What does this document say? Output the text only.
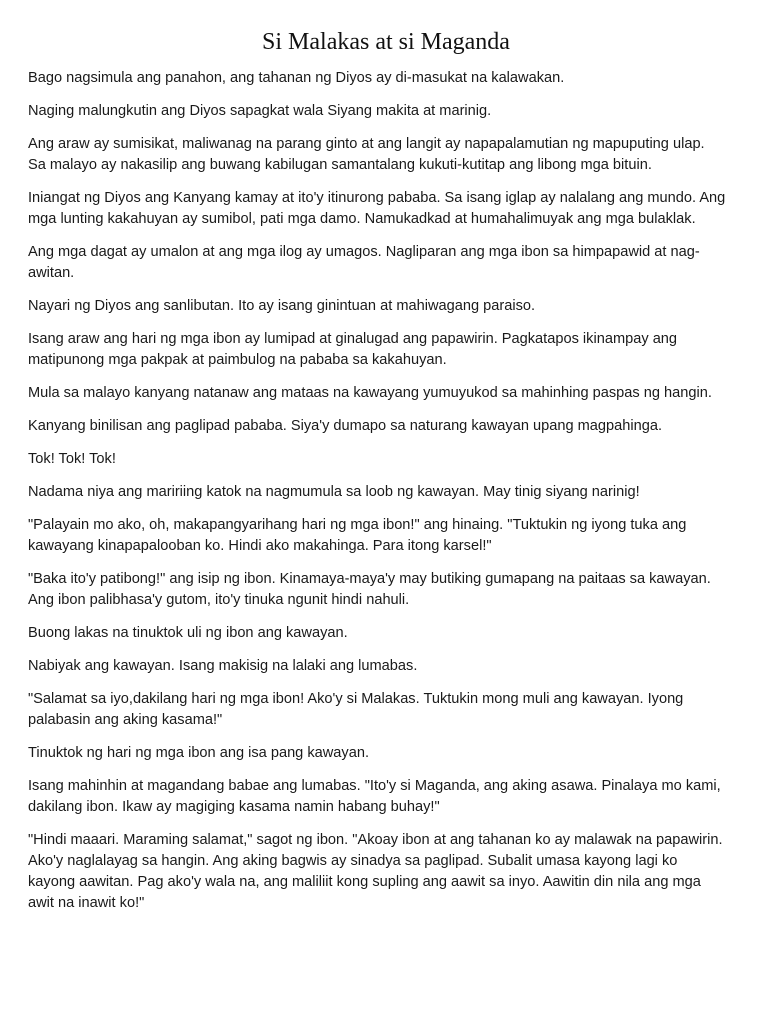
Si Malakas at si Maganda

Bago nagsimula ang panahon, ang tahanan ng Diyos ay di-masukat na kalawakan.

Naging malungkutin ang Diyos sapagkat wala Siyang makita at marinig.

Ang araw ay sumisikat, maliwanag na parang ginto at ang langit ay napapalamutian ng mapuputing ulap. Sa malayo ay nakasilip ang buwang kabilugan samantalang kukuti-kutitap ang libong mga bituin.

Iniangat ng Diyos ang Kanyang kamay at ito'y itinurong pababa. Sa isang iglap ay nalalang ang mundo. Ang mga lunting kakahuyan ay sumibol, pati mga damo. Namukadkad at humahalimuyak ang mga bulaklak.

Ang mga dagat ay umalon at ang mga ilog ay umagos. Nagliparan ang mga ibon sa himpapawid at nag-awitan.

Nayari ng Diyos ang sanlibutan. Ito ay isang ginintuan at mahiwagang paraiso.

Isang araw ang hari ng mga ibon ay lumipad at ginalugad ang papawirin. Pagkatapos ikinampay ang matipunong mga pakpak at paimbulog na pababa sa kakahuyan.

Mula sa malayo kanyang natanaw ang mataas na kawayang yumuyukod sa mahinhing paspas ng hangin.

Kanyang binilisan ang paglipad pababa. Siya'y dumapo sa naturang kawayan upang magpahinga.

Tok! Tok! Tok!

Nadama niya ang maririing katok na nagmumula sa loob ng kawayan. May tinig siyang narinig!

"Palayain mo ako, oh, makapangyarihang hari ng mga ibon!" ang hinaing. "Tuktukin ng iyong tuka ang kawayang kinapapalooban ko. Hindi ako makahinga. Para itong karsel!"

"Baka ito'y patibong!" ang isip ng ibon. Kinamaya-maya'y may butiking gumapang na paitaas sa kawayan. Ang ibon palibhasa'y gutom, ito'y tinuka ngunit hindi nahuli.

Buong lakas na tinuktok uli ng ibon ang kawayan.

Nabiyak ang kawayan. Isang makisig na lalaki ang lumabas.

"Salamat sa iyo,dakilang hari ng mga ibon! Ako'y si Malakas. Tuktukin mong muli ang kawayan. Iyong palabasin ang aking kasama!"

Tinuktok ng hari ng mga ibon ang isa pang kawayan.

Isang mahinhin at magandang babae ang lumabas. "Ito'y si Maganda, ang aking asawa. Pinalaya mo kami, dakilang ibon. Ikaw ay magiging kasama namin habang buhay!"

"Hindi maaari. Maraming salamat," sagot ng ibon. "Akoay ibon at ang tahanan ko ay malawak na papawirin. Ako'y naglalayag sa hangin. Ang aking bagwis ay sinadya sa paglipad. Subalit umasa kayong lagi ko kayong aawitan. Pag ako'y wala na, ang maliliit kong supling ang aawit sa inyo. Aawitin din nila ang mga awit na inawit ko!"
